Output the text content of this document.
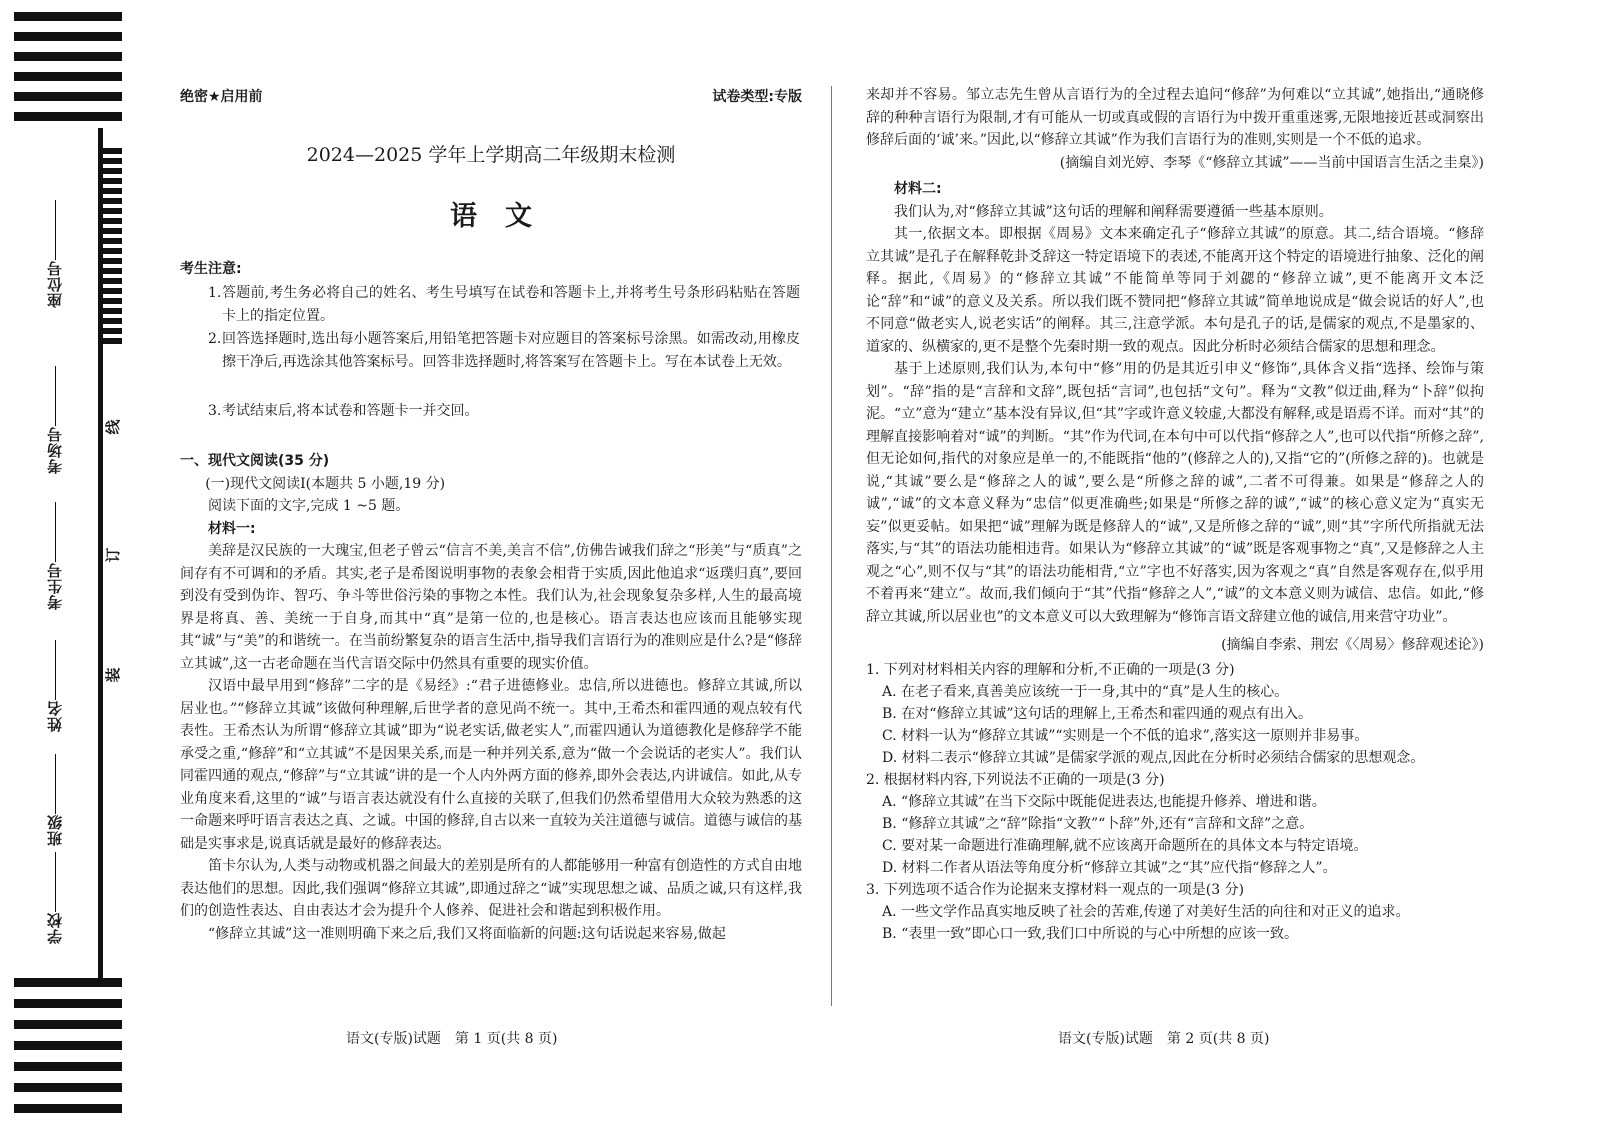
座位号
考场号
考生号
姓名
班级
学校
线
订
装
绝密★启用前	试卷类型:专版
2024—2025 学年上学期高二年级期末检测
语文
考生注意:
1. 答题前,考生务必将自己的姓名、考生号填写在试卷和答题卡上,并将考生号条形码粘贴在答题卡上的指定位置。
2. 回答选择题时,选出每小题答案后,用铅笔把答题卡对应题目的答案标号涂黑。如需改动,用橡皮擦干净后,再选涂其他答案标号。回答非选择题时,将答案写在答题卡上。写在本试卷上无效。
3. 考试结束后,将本试卷和答题卡一并交回。

一、现代文阅读(35 分)

(一)现代文阅读Ⅰ(本题共 5 小题,19 分)

阅读下面的文字,完成 1 ~5 题。

材料一:

美辞是汉民族的一大瑰宝,但老子曾云“信言不美,美言不信”,仿佛告诫我们辞之“形美”与“质真”之间存有不可调和的矛盾。其实,老子是希图说明事物的表象会相背于实质,因此他追求“返璞归真”,要回到没有受到伪诈、智巧、争斗等世俗污染的事物之本性。我们认为,社会现象复杂多样,人生的最高境界是将真、善、美统一于自身,而其中“真”是第一位的,也是核心。语言表达也应该而且能够实现其“诚”与“美”的和谐统一。在当前纷繁复杂的语言生活中,指导我们言语行为的准则应是什么?是“修辞立其诚”,这一古老命题在当代言语交际中仍然具有重要的现实价值。

汉语中最早用到“修辞”二字的是《易经》:“君子进德修业。忠信,所以进德也。修辞立其诚,所以居业也。”“修辞立其诚”该做何种理解,后世学者的意见尚不统一。其中,王希杰和霍四通的观点较有代表性。王希杰认为所谓“修辞立其诚”即为“说老实话,做老实人”,而霍四通认为道德教化是修辞学不能承受之重,“修辞”和“立其诚”不是因果关系,而是一种并列关系,意为“做一个会说话的老实人”。我们认同霍四通的观点,“修辞”与“立其诚”讲的是一个人内外两方面的修养,即外会表达,内讲诚信。如此,从专业角度来看,这里的“诚”与语言表达就没有什么直接的关联了,但我们仍然希望借用大众较为熟悉的这一命题来呼吁语言表达之真、之诚。中国的修辞,自古以来一直较为关注道德与诚信。道德与诚信的基础是实事求是,说真话就是最好的修辞表达。

笛卡尔认为,人类与动物或机器之间最大的差别是所有的人都能够用一种富有创造性的方式自由地表达他们的思想。因此,我们强调“修辞立其诚”,即通过辞之“诚”实现思想之诚、品质之诚,只有这样,我们的创造性表达、自由表达才会为提升个人修养、促进社会和谐起到积极作用。

“修辞立其诚”这一准则明确下来之后,我们又将面临新的问题:这句话说起来容易,做起

来却并不容易。邹立志先生曾从言语行为的全过程去追问“修辞”为何难以“立其诚”,她指出,“通晓修辞的种种言语行为限制,才有可能从一切或真或假的言语行为中拨开重重迷雾,无限地接近甚或洞察出修辞后面的‘诚’来。”因此,以“修辞立其诚”作为我们言语行为的准则,实则是一个不低的追求。

(摘编自刘光婷、李琴《“修辞立其诚”——当前中国语言生活之圭臬》)

材料二:

我们认为,对“修辞立其诚”这句话的理解和阐释需要遵循一些基本原则。

其一,依据文本。即根据《周易》文本来确定孔子“修辞立其诚”的原意。其二,结合语境。“修辞立其诚”是孔子在解释乾卦爻辞这一特定语境下的表述,不能离开这个特定的语境进行抽象、泛化的阐释。据此,《周易》的“修辞立其诚”不能简单等同于刘勰的“修辞立诚”,更不能离开文本泛论“辞”和“诚”的意义及关系。所以我们既不赞同把“修辞立其诚”简单地说成是“做会说话的好人”,也不同意“做老实人,说老实话”的阐释。其三,注意学派。本句是孔子的话,是儒家的观点,不是墨家的、道家的、纵横家的,更不是整个先秦时期一致的观点。因此分析时必须结合儒家的思想和理念。

基于上述原则,我们认为,本句中“修”用的仍是其近引申义“修饰”,具体含义指“选择、绘饰与策划”。“辞”指的是“言辞和文辞”,既包括“言词”,也包括“文句”。释为“文教”似迂曲,释为“卜辞”似拘泥。“立”意为“建立”基本没有异议,但“其”字或许意义较虚,大都没有解释,或是语焉不详。而对“其”的理解直接影响着对“诚”的判断。“其”作为代词,在本句中可以代指“修辞之人”,也可以代指“所修之辞”,但无论如何,指代的对象应是单一的,不能既指“他的”(修辞之人的),又指“它的”(所修之辞的)。也就是说,“其诚”要么是“修辞之人的诚”,要么是“所修之辞的诚”,二者不可得兼。如果是“修辞之人的诚”,“诚”的文本意义释为“忠信”似更准确些;如果是“所修之辞的诚”,“诚”的核心意义定为“真实无妄”似更妥帖。如果把“诚”理解为既是修辞人的“诚”,又是所修之辞的“诚”,则“其”字所代所指就无法落实,与“其”的语法功能相违背。如果认为“修辞立其诚”的“诚”既是客观事物之“真”,又是修辞之人主观之“心”,则不仅与“其”的语法功能相背,“立”字也不好落实,因为客观之“真”自然是客观存在,似乎用不着再来“建立”。故而,我们倾向于“其”代指“修辞之人”,“诚”的文本意义则为诚信、忠信。如此,“修辞立其诚,所以居业也”的文本意义可以大致理解为“修饰言语文辞建立他的诚信,用来营守功业”。

(摘编自李索、荆宏《〈周易〉修辞观述论》)

1. 下列对材料相关内容的理解和分析,不正确的一项是(3 分)

A. 在老子看来,真善美应该统一于一身,其中的“真”是人生的核心。

B. 在对“修辞立其诚”这句话的理解上,王希杰和霍四通的观点有出入。

C. 材料一认为“修辞立其诚”“实则是一个不低的追求”,落实这一原则并非易事。

D. 材料二表示“修辞立其诚”是儒家学派的观点,因此在分析时必须结合儒家的思想观念。

2. 根据材料内容,下列说法不正确的一项是(3 分)

A. “修辞立其诚”在当下交际中既能促进表达,也能提升修养、增进和谐。

B. “修辞立其诚”之“辞”除指“文教”“卜辞”外,还有“言辞和文辞”之意。

C. 要对某一命题进行准确理解,就不应该离开命题所在的具体文本与特定语境。

D. 材料二作者从语法等角度分析“修辞立其诚”之“其”应代指“修辞之人”。

3. 下列选项不适合作为论据来支撑材料一观点的一项是(3 分)

A. 一些文学作品真实地反映了社会的苦难,传递了对美好生活的向往和对正义的追求。

B. “表里一致”即心口一致,我们口中所说的与心中所想的应该一致。

语文(专版)试题　第 1 页(共 8 页)	语文(专版)试题　第 2 页(共 8 页)
